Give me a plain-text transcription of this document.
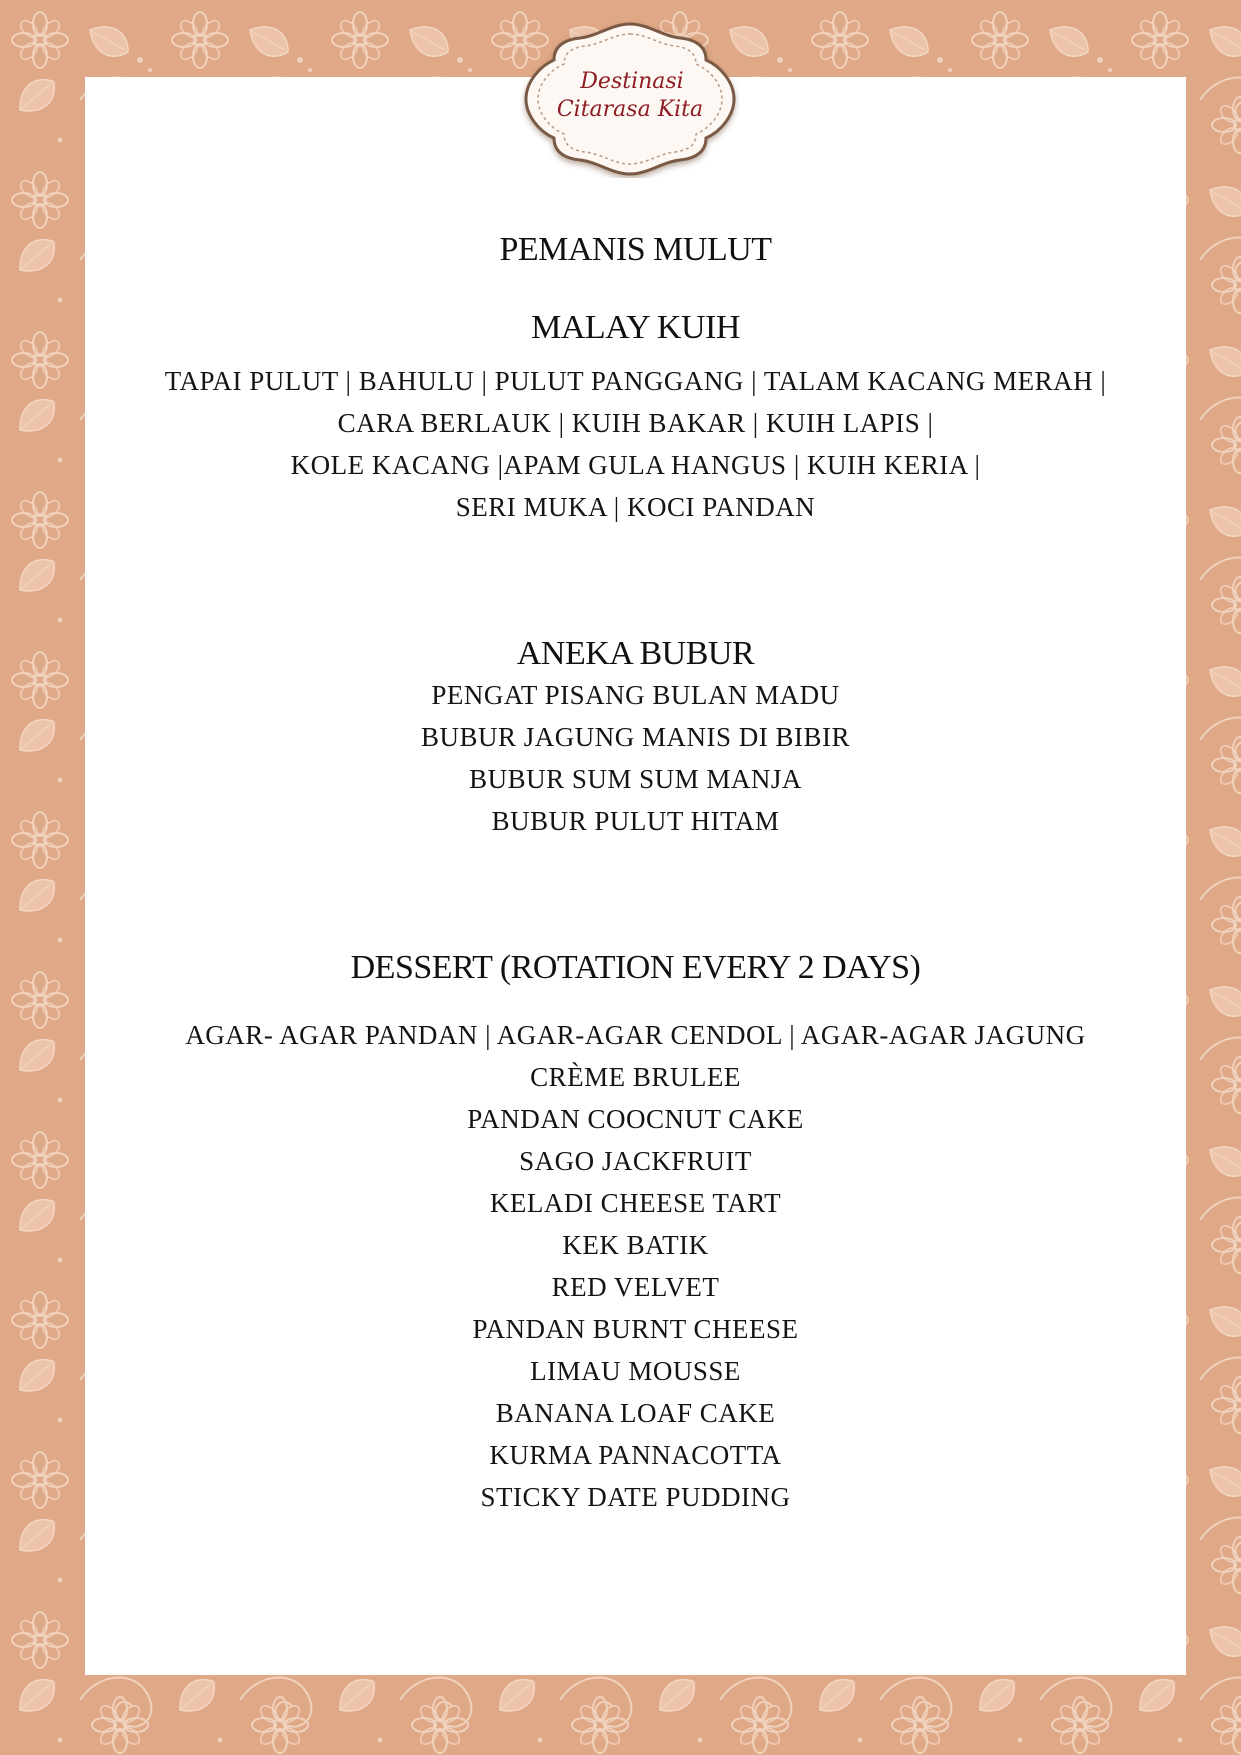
Destinasi
Citarasa Kita
PEMANIS MULUT
MALAY KUIH
TAPAI PULUT | BAHULU | PULUT PANGGANG | TALAM KACANG MERAH |
CARA BERLAUK | KUIH BAKAR | KUIH LAPIS |
KOLE KACANG |APAM GULA HANGUS | KUIH KERIA |
SERI MUKA | KOCI PANDAN
ANEKA BUBUR
PENGAT PISANG BULAN MADU
BUBUR JAGUNG MANIS DI BIBIR
BUBUR SUM SUM MANJA
BUBUR PULUT HITAM
DESSERT (ROTATION EVERY 2 DAYS)
AGAR- AGAR PANDAN | AGAR-AGAR CENDOL | AGAR-AGAR JAGUNG
CRÈME BRULEE
PANDAN COOCNUT CAKE
SAGO JACKFRUIT
KELADI CHEESE TART
KEK BATIK
RED VELVET
PANDAN BURNT CHEESE
LIMAU MOUSSE
BANANA LOAF CAKE
KURMA PANNACOTTA
STICKY DATE PUDDING
